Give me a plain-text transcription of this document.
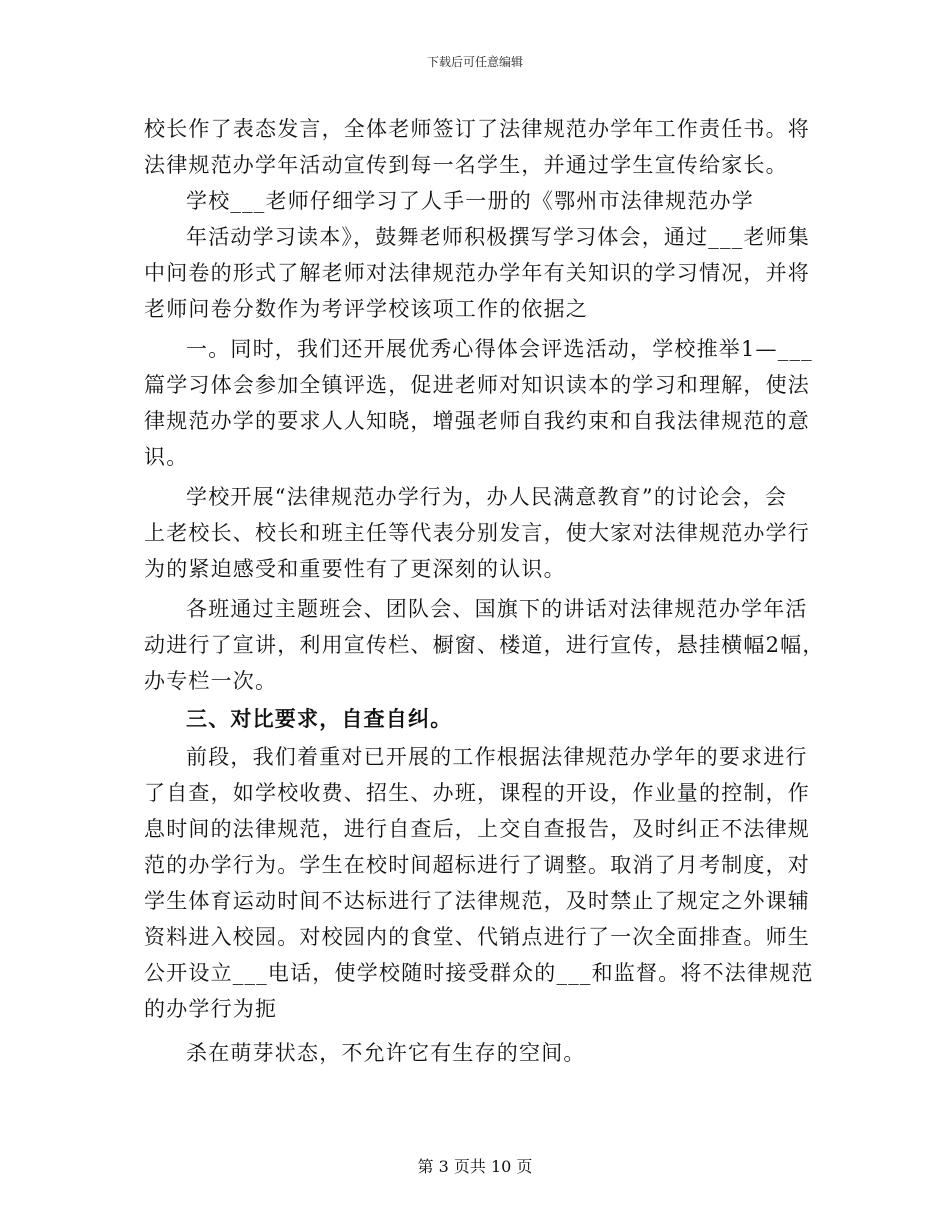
下载后可任意编辑
校长作了表态发言，全体老师签订了法律规范办学年工作责任书。将
法律规范办学年活动宣传到每一名学生，并通过学生宣传给家长。
学校___老师仔细学习了人手一册的《鄂州市法律规范办学
年活动学习读本》，鼓舞老师积极撰写学习体会，通过___老师集
中问卷的形式了解老师对法律规范办学年有关知识的学习情况，并将
老师问卷分数作为考评学校该项工作的依据之
一。同时，我们还开展优秀心得体会评选活动，学校推举1—___
篇学习体会参加全镇评选，促进老师对知识读本的学习和理解，使法
律规范办学的要求人人知晓，增强老师自我约束和自我法律规范的意
识。
学校开展“法律规范办学行为，办人民满意教育”的讨论会，会
上老校长、校长和班主任等代表分别发言，使大家对法律规范办学行
为的紧迫感受和重要性有了更深刻的认识。
各班通过主题班会、团队会、国旗下的讲话对法律规范办学年活
动进行了宣讲，利用宣传栏、橱窗、楼道，进行宣传，悬挂横幅2幅，
办专栏一次。
三、对比要求，自查自纠。
前段，我们着重对已开展的工作根据法律规范办学年的要求进行
了自查，如学校收费、招生、办班，课程的开设，作业量的控制，作
息时间的法律规范，进行自查后，上交自查报告，及时纠正不法律规
范的办学行为。学生在校时间超标进行了调整。取消了月考制度，对
学生体育运动时间不达标进行了法律规范，及时禁止了规定之外课辅
资料进入校园。对校园内的食堂、代销点进行了一次全面排查。师生
公开设立___电话，使学校随时接受群众的___和监督。将不法律规范
的办学行为扼
杀在萌芽状态，不允许它有生存的空间。
第 3 页共 10 页
